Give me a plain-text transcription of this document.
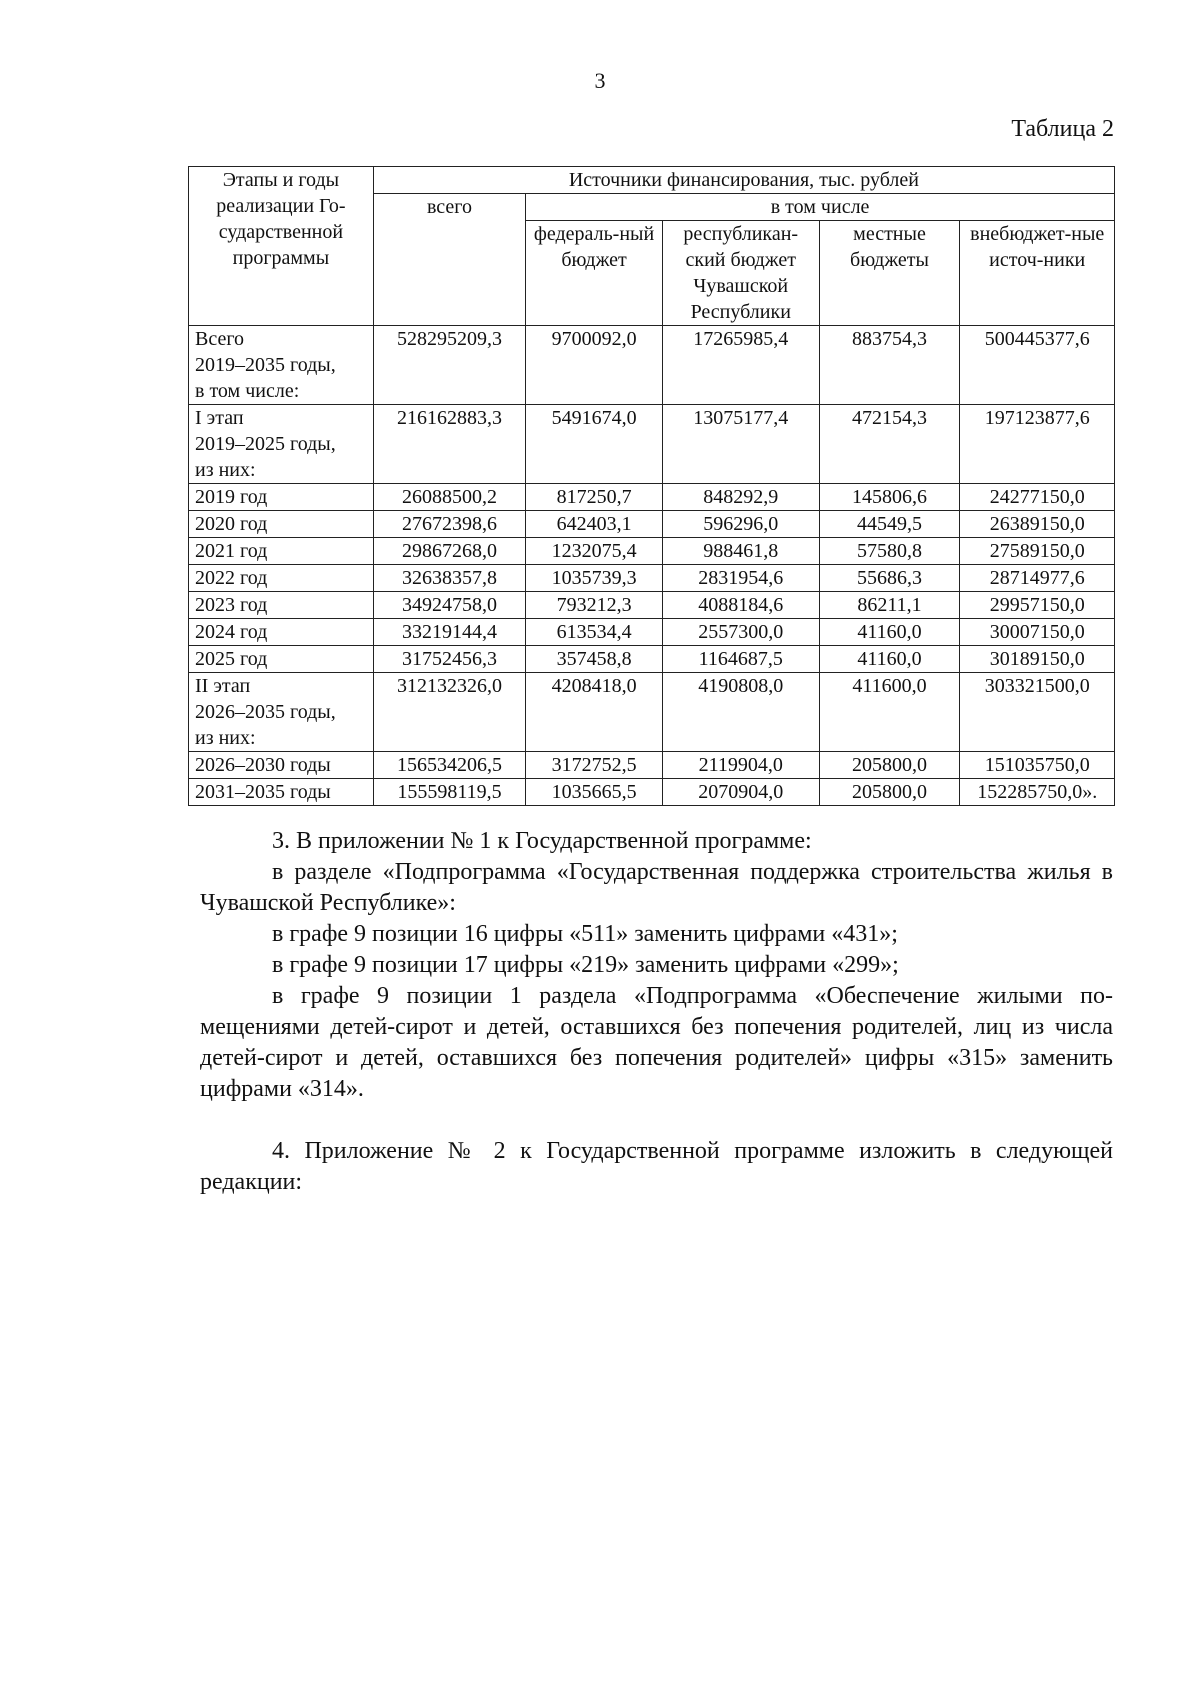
3
Таблица 2
Этапы и годы реализации Го-сударственной программы	Источники финансирования, тыс. рублей				
	всего	в том числе			
		федераль-ный бюджет	республикан-ский бюджет Чувашской Республики	местные бюджеты	внебюджет-ные источ-ники

Всего
2019–2035 годы,
в том числе:	528295209,3	9700092,0	17265985,4	883754,3	500445377,6

I этап
2019–2025 годы,
из них:	216162883,3	5491674,0	13075177,4	472154,3	197123877,6

2019 год	26088500,2	817250,7	848292,9	145806,6	24277150,0

2020 год	27672398,6	642403,1	596296,0	44549,5	26389150,0

2021 год	29867268,0	1232075,4	988461,8	57580,8	27589150,0

2022 год	32638357,8	1035739,3	2831954,6	55686,3	28714977,6

2023 год	34924758,0	793212,3	4088184,6	86211,1	29957150,0

2024 год	33219144,4	613534,4	2557300,0	41160,0	30007150,0

2025 год	31752456,3	357458,8	1164687,5	41160,0	30189150,0

II этап
2026–2035 годы,
из них:	312132326,0	4208418,0	4190808,0	411600,0	303321500,0

2026–2030 годы	156534206,5	3172752,5	2119904,0	205800,0	151035750,0

2031–2035 годы	155598119,5	1035665,5	2070904,0	205800,0	152285750,0».

3. В приложении № 1 к Государственной программе:

в разделе «Подпрограмма «Государственная поддержка строительства жилья в Чувашской Республике»:

в графе 9 позиции 16 цифры «511» заменить цифрами «431»;

в графе 9 позиции 17 цифры «219» заменить цифрами «299»;

в графе 9 позиции 1 раздела «Подпрограмма «Обеспечение жилыми по-мещениями детей-сирот и детей, оставшихся без попечения родителей, лиц из числа детей-сирот и детей, оставшихся без попечения родителей» цифры «315» заменить цифрами «314».

4. Приложение № 2 к Государственной программе изложить в следующей редакции:
